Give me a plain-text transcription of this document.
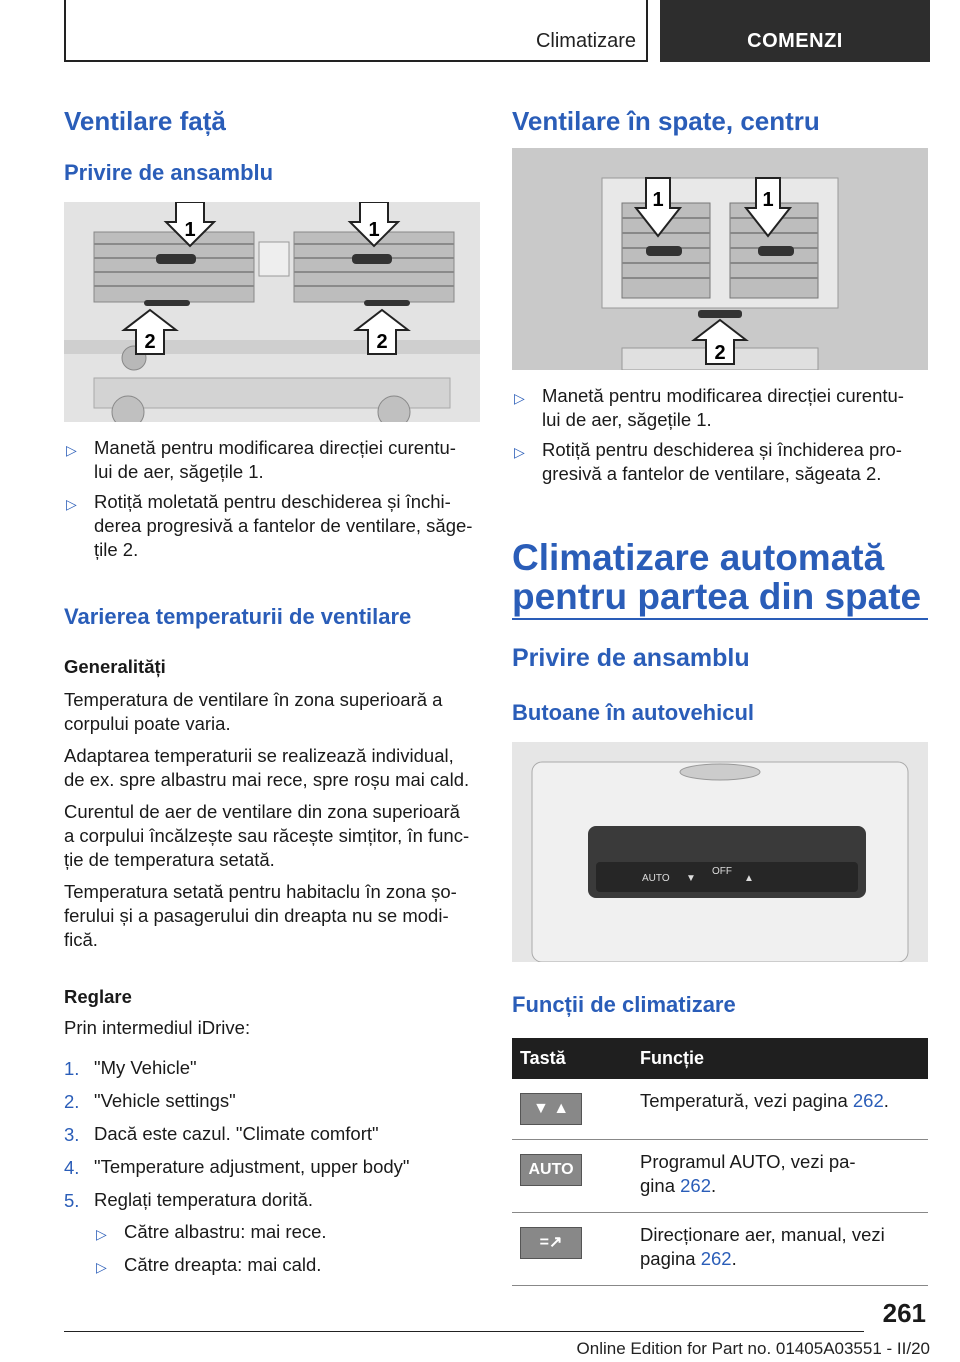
Climatizare	COMENZI
Ventilare față
Privire de ansamblu
1	1
2	2
▷ Manetă pentru modificarea direcției curentu-
lui de aer, săgețile 1.
▷ Rotiță moletată pentru deschiderea și închi-
derea progresivă a fantelor de ventilare, săge-
țile 2.
Varierea temperaturii de ventilare
Generalități
Temperatura de ventilare în zona superioară a
corpului poate varia.
Adaptarea temperaturii se realizează individual,
de ex. spre albastru mai rece, spre roșu mai cald.
Curentul de aer de ventilare din zona superioară
a corpului încălzește sau răcește simțitor, în func-
ție de temperatura setată.
Temperatura setată pentru habitaclu în zona șo-
ferului și a pasagerului din dreapta nu se modi-
fică.
Reglare
Prin intermediul iDrive:
1. "My Vehicle"
2. "Vehicle settings"
3. Dacă este cazul. "Climate comfort"
4. "Temperature adjustment, upper body"
5. Reglați temperatura dorită.
▷ Către albastru: mai rece.
▷ Către dreapta: mai cald.
Ventilare în spate, centru
1	1
2
▷ Manetă pentru modificarea direcției curentu-
lui de aer, săgețile 1.
▷ Rotiță pentru deschiderea și închiderea pro-
gresivă a fantelor de ventilare, săgeata 2.
Climatizare automată
pentru partea din spate
Privire de ansamblu
Butoane în autovehicul
AUTO
OFF
▼	▲
Funcții de climatizare
Tastă	Funcție

▼ ▲	Temperatură, vezi pagina 262.

AUTO	Programul AUTO, vezi pa-
gina 262.

=↗	Direcționare aer, manual, vezi
pagina 262.
261
Online Edition for Part no. 01405A03551 - II/20
